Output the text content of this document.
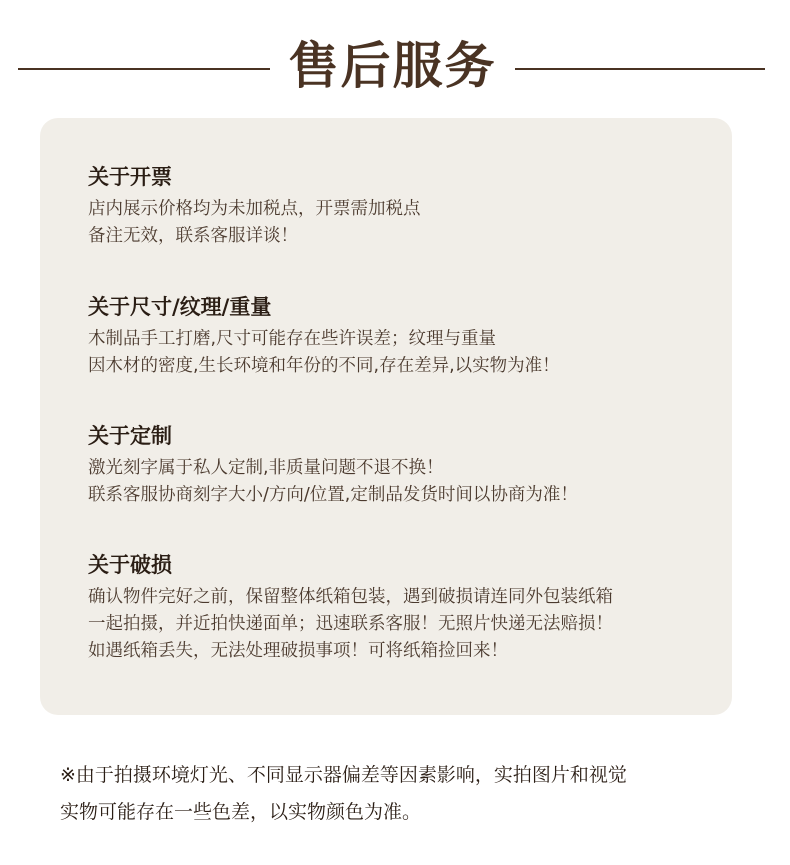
售后服务
关于开票
店内展示价格均为未加税点，开票需加税点
备注无效，联系客服详谈！
关于尺寸/纹理/重量
木制品手工打磨,尺寸可能存在些许误差；纹理与重量
因木材的密度,生长环境和年份的不同,存在差异,以实物为准！
关于定制
激光刻字属于私人定制,非质量问题不退不换！
联系客服协商刻字大小/方向/位置,定制品发货时间以协商为准！
关于破损
确认物件完好之前，保留整体纸箱包装，遇到破损请连同外包装纸箱
一起拍摄，并近拍快递面单；迅速联系客服！无照片快递无法赔损！
如遇纸箱丢失，无法处理破损事项！可将纸箱捡回来！
※由于拍摄环境灯光、不同显示器偏差等因素影响，实拍图片和视觉
实物可能存在一些色差，以实物颜色为准。
